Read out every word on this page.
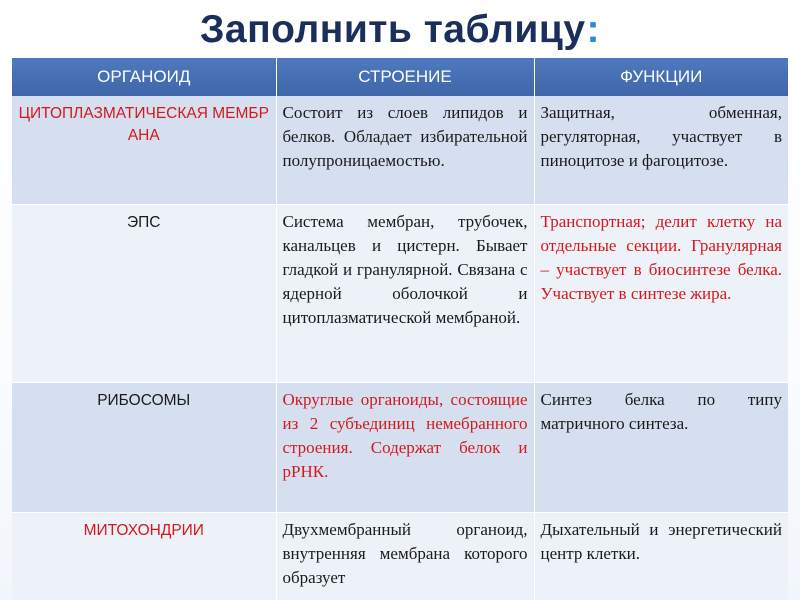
Заполнить таблицу:
ОРГАНОИД	СТРОЕНИЕ	ФУНКЦИИ
ЦИТОПЛАЗМАТИЧЕСКАЯ МЕМБРАНА	Состоит из слоев липидов и белков. Обладает избирательной полупроницаемостью.	Защитная, обменная, регуляторная, участвует в пиноцитозе и фагоцитозе.
ЭПС	Система мембран, трубочек, канальцев и цистерн. Бывает гладкой и гранулярной. Связана с ядерной оболочкой и цитоплазматической мембраной.	Транспортная; делит клетку на отдельные секции. Гранулярная – участвует в биосинтезе белка. Участвует в синтезе жира.
РИБОСОМЫ	Округлые органоиды, состоящие из 2 субъединиц немебранного строения. Содержат белок и рРНК.	Синтез белка по типу матричного синтеза.
МИТОХОНДРИИ	Двухмембранный органоид, внутренняя мембрана которого образует	Дыхательный и энергетический центр клетки.
